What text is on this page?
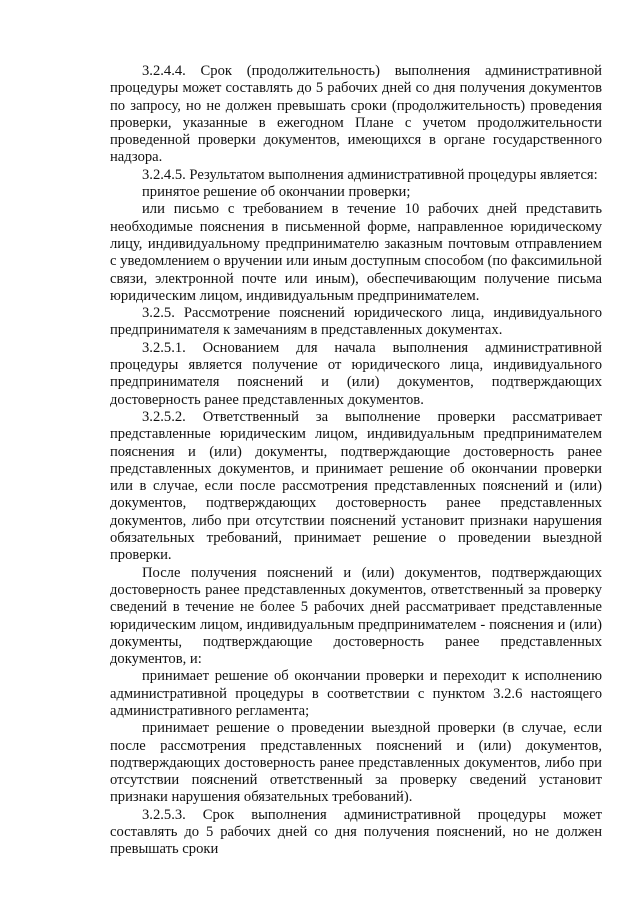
3.2.4.4. Срок (продолжительность) выполнения административной процедуры может составлять до 5 рабочих дней со дня получения документов по запросу, но не должен превышать сроки (продолжительность) проведения проверки, указанные в ежегодном Плане с учетом продолжительности проведенной проверки документов, имеющихся в органе государственного надзора.

3.2.4.5. Результатом выполнения административной процедуры является:

принятое решение об окончании проверки;

или письмо с требованием в течение 10 рабочих дней представить необходимые пояснения в письменной форме, направленное юридическому лицу, индивидуальному предпринимателю заказным почтовым отправлением с уведомлением о вручении или иным доступным способом (по факсимильной связи, электронной почте или иным), обеспечивающим получение письма юридическим лицом, индивидуальным предпринимателем.

3.2.5. Рассмотрение пояснений юридического лица, индивидуального предпринимателя к замечаниям в представленных документах.

3.2.5.1. Основанием для начала выполнения административной процедуры является получение от юридического лица, индивидуального предпринимателя пояснений и (или) документов, подтверждающих достоверность ранее представленных документов.

3.2.5.2. Ответственный за выполнение проверки рассматривает представленные юридическим лицом, индивидуальным предпринимателем пояснения и (или) документы, подтверждающие достоверность ранее представленных документов, и принимает решение об окончании проверки или в случае, если после рассмотрения представленных пояснений и (или) документов, подтверждающих достоверность ранее представленных документов, либо при отсутствии пояснений установит признаки нарушения обязательных требований, принимает решение о проведении выездной проверки.

После получения пояснений и (или) документов, подтверждающих достоверность ранее представленных документов, ответственный за проверку сведений в течение не более 5 рабочих дней рассматривает представленные юридическим лицом, индивидуальным предпринимателем - пояснения и (или) документы, подтверждающие достоверность ранее представленных документов, и:

принимает решение об окончании проверки и переходит к исполнению административной процедуры в соответствии с пунктом 3.2.6 настоящего административного регламента;

принимает решение о проведении выездной проверки (в случае, если после рассмотрения представленных пояснений и (или) документов, подтверждающих достоверность ранее представленных документов, либо при отсутствии пояснений ответственный за проверку сведений установит признаки нарушения обязательных требований).

3.2.5.3. Срок выполнения административной процедуры может составлять до 5 рабочих дней со дня получения пояснений, но не должен превышать сроки
